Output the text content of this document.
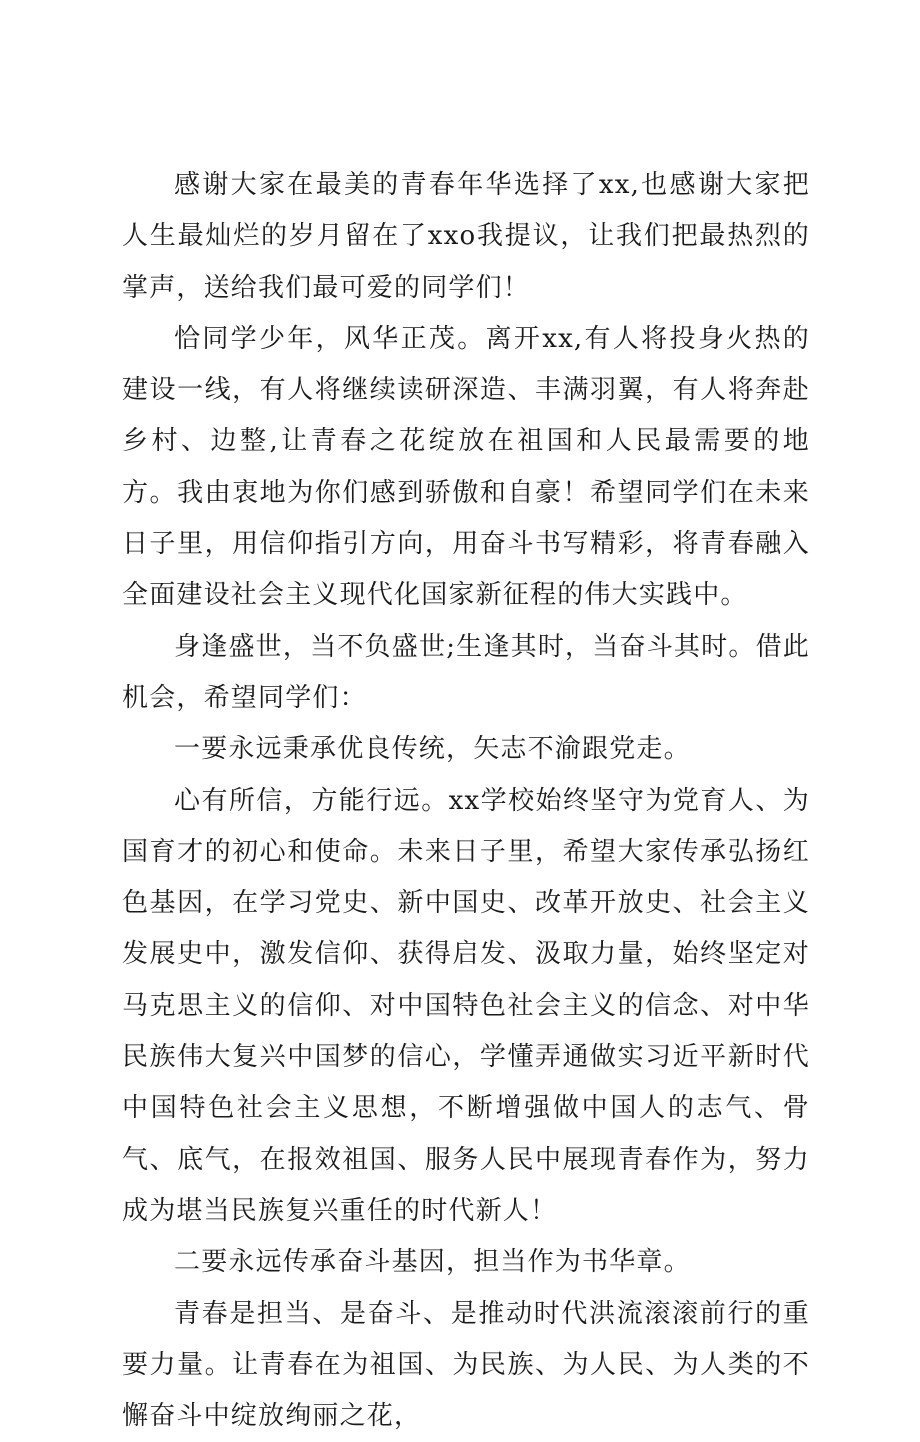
感谢大家在最美的青春年华选择了xx,也感谢大家把人生最灿烂的岁月留在了xxo我提议，让我们把最热烈的掌声，送给我们最可爱的同学们！

恰同学少年，风华正茂。离开xx,有人将投身火热的建设一线，有人将继续读研深造、丰满羽翼，有人将奔赴乡村、边整,让青春之花绽放在祖国和人民最需要的地方。我由衷地为你们感到骄傲和自豪！希望同学们在未来日子里，用信仰指引方向，用奋斗书写精彩，将青春融入全面建设社会主义现代化国家新征程的伟大实践中。

身逢盛世，当不负盛世;生逢其时，当奋斗其时。借此机会，希望同学们：

一要永远秉承优良传统，矢志不渝跟党走。

心有所信，方能行远。xx学校始终坚守为党育人、为国育才的初心和使命。未来日子里，希望大家传承弘扬红色基因，在学习党史、新中国史、改革开放史、社会主义发展史中，激发信仰、获得启发、汲取力量，始终坚定对马克思主义的信仰、对中国特色社会主义的信念、对中华民族伟大复兴中国梦的信心，学懂弄通做实习近平新时代中国特色社会主义思想，不断增强做中国人的志气、骨气、底气，在报效祖国、服务人民中展现青春作为，努力成为堪当民族复兴重任的时代新人！

二要永远传承奋斗基因，担当作为书华章。

青春是担当、是奋斗、是推动时代洪流滚滚前行的重要力量。让青春在为祖国、为民族、为人民、为人类的不懈奋斗中绽放绚丽之花，
